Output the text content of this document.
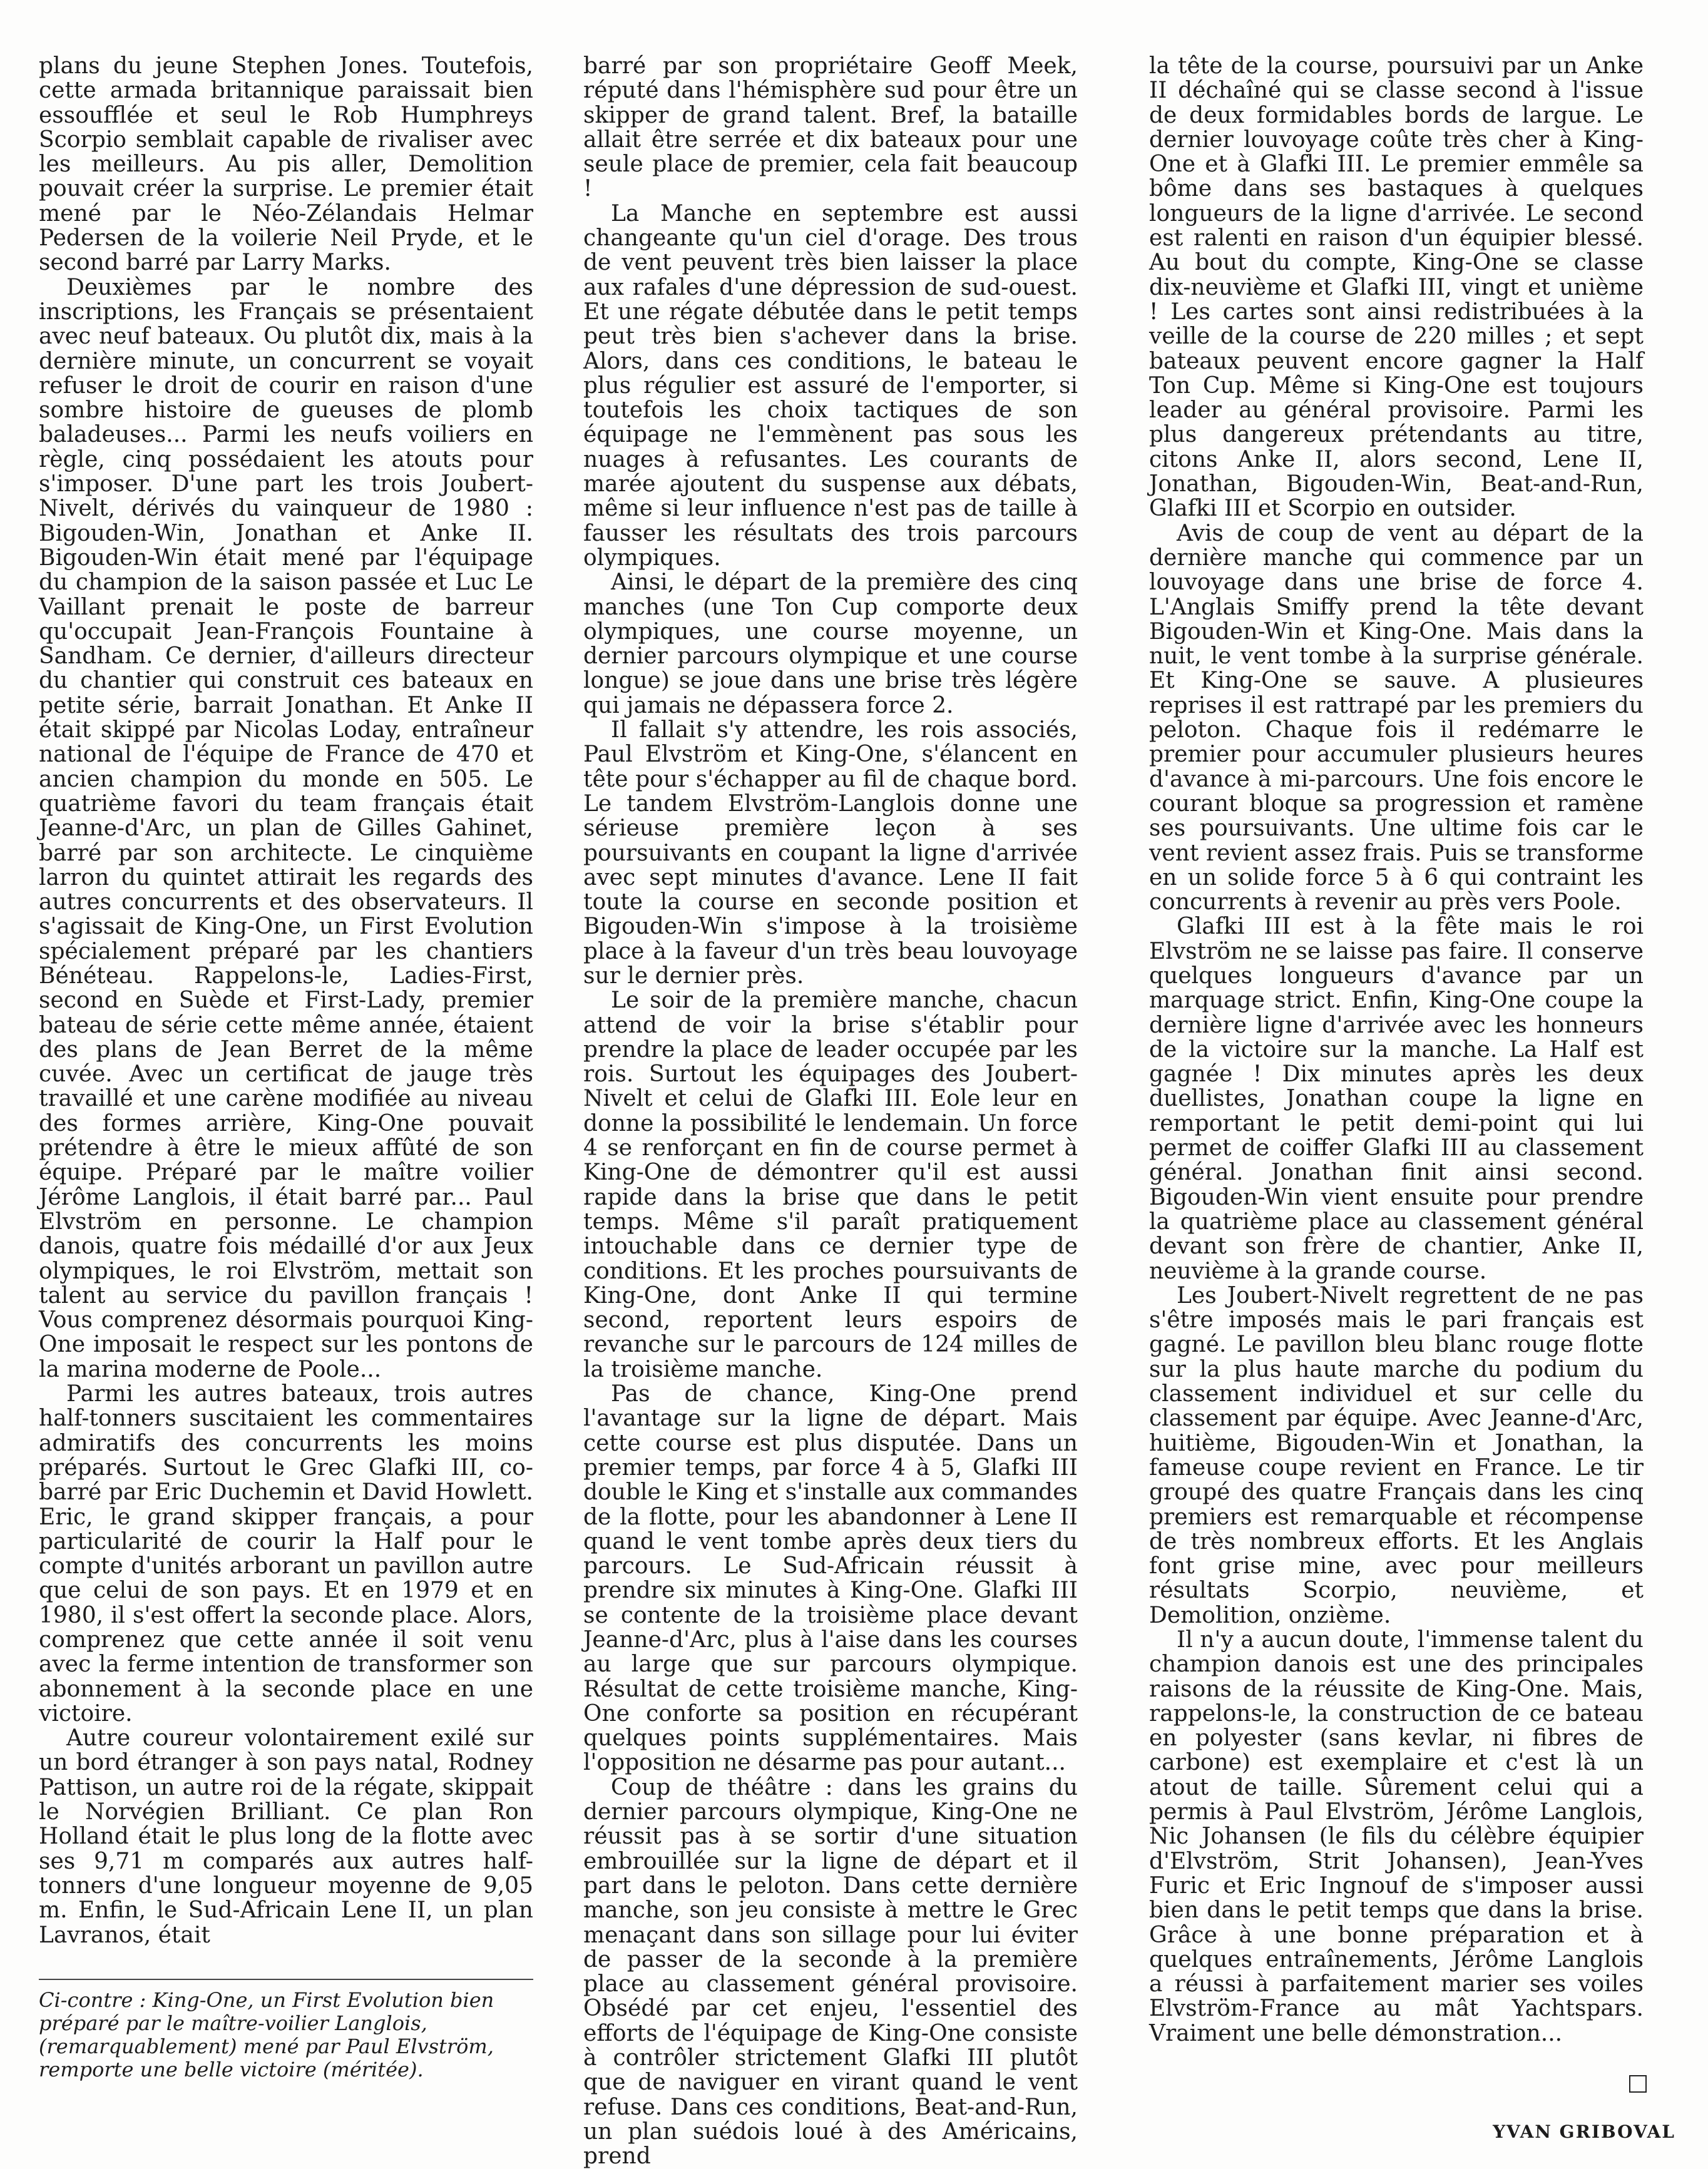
plans du jeune Stephen Jones. Toutefois, cette armada britannique paraissait bien essoufflée et seul le Rob Humphreys Scorpio semblait capable de rivaliser avec les meilleurs. Au pis aller, Demolition pouvait créer la surprise. Le premier était mené par le Néo-Zélandais Helmar Pedersen de la voilerie Neil Pryde, et le second barré par Larry Marks.

Deuxièmes par le nombre des inscriptions, les Français se présentaient avec neuf bateaux. Ou plutôt dix, mais à la dernière minute, un concurrent se voyait refuser le droit de courir en raison d'une sombre histoire de gueuses de plomb baladeuses... Parmi les neufs voiliers en règle, cinq possédaient les atouts pour s'imposer. D'une part les trois Joubert-Nivelt, dérivés du vainqueur de 1980 : Bigouden-Win, Jonathan et Anke II. Bigouden-Win était mené par l'équipage du champion de la saison passée et Luc Le Vaillant prenait le poste de barreur qu'occupait Jean-François Fountaine à Sandham. Ce dernier, d'ailleurs directeur du chantier qui construit ces bateaux en petite série, barrait Jonathan. Et Anke II était skippé par Nicolas Loday, entraîneur national de l'équipe de France de 470 et ancien champion du monde en 505. Le quatrième favori du team français était Jeanne-d'Arc, un plan de Gilles Gahinet, barré par son architecte. Le cinquième larron du quintet attirait les regards des autres concurrents et des observateurs. Il s'agissait de King-One, un First Evolution spécialement préparé par les chantiers Bénéteau. Rappelons-le, Ladies-First, second en Suède et First-Lady, premier bateau de série cette même année, étaient des plans de Jean Berret de la même cuvée. Avec un certificat de jauge très travaillé et une carène modifiée au niveau des formes arrière, King-One pouvait prétendre à être le mieux affûté de son équipe. Préparé par le maître voilier Jérôme Langlois, il était barré par... Paul Elvström en personne. Le champion danois, quatre fois médaillé d'or aux Jeux olympiques, le roi Elvström, mettait son talent au service du pavillon français ! Vous comprenez désormais pourquoi King-One imposait le respect sur les pontons de la marina moderne de Poole...

Parmi les autres bateaux, trois autres half-tonners suscitaient les commentaires admiratifs des concurrents les moins préparés. Surtout le Grec Glafki III, co-barré par Eric Duchemin et David Howlett. Eric, le grand skipper français, a pour particularité de courir la Half pour le compte d'unités arborant un pavillon autre que celui de son pays. Et en 1979 et en 1980, il s'est offert la seconde place. Alors, comprenez que cette année il soit venu avec la ferme intention de transformer son abonnement à la seconde place en une victoire.

Autre coureur volontairement exilé sur un bord étranger à son pays natal, Rodney Pattison, un autre roi de la régate, skippait le Norvégien Brilliant. Ce plan Ron Holland était le plus long de la flotte avec ses 9,71 m comparés aux autres half-tonners d'une longueur moyenne de 9,05 m. Enfin, le Sud-Africain Lene II, un plan Lavranos, était

Ci-contre : King-One, un First Evolution bien préparé par le maître-voilier Langlois, (remarquablement) mené par Paul Elvström, remporte une belle victoire (méritée).

barré par son propriétaire Geoff Meek, réputé dans l'hémisphère sud pour être un skipper de grand talent. Bref, la bataille allait être serrée et dix bateaux pour une seule place de premier, cela fait beaucoup !

La Manche en septembre est aussi changeante qu'un ciel d'orage. Des trous de vent peuvent très bien laisser la place aux rafales d'une dépression de sud-ouest. Et une régate débutée dans le petit temps peut très bien s'achever dans la brise. Alors, dans ces conditions, le bateau le plus régulier est assuré de l'emporter, si toutefois les choix tactiques de son équipage ne l'emmènent pas sous les nuages à refusantes. Les courants de marée ajoutent du suspense aux débats, même si leur influence n'est pas de taille à fausser les résultats des trois parcours olympiques.

Ainsi, le départ de la première des cinq manches (une Ton Cup comporte deux olympiques, une course moyenne, un dernier parcours olympique et une course longue) se joue dans une brise très légère qui jamais ne dépassera force 2.

Il fallait s'y attendre, les rois associés, Paul Elvström et King-One, s'élancent en tête pour s'échapper au fil de chaque bord. Le tandem Elvström-Langlois donne une sérieuse première leçon à ses poursuivants en coupant la ligne d'arrivée avec sept minutes d'avance. Lene II fait toute la course en seconde position et Bigouden-Win s'impose à la troisième place à la faveur d'un très beau louvoyage sur le dernier près.

Le soir de la première manche, chacun attend de voir la brise s'établir pour prendre la place de leader occupée par les rois. Surtout les équipages des Joubert-Nivelt et celui de Glafki III. Eole leur en donne la possibilité le lendemain. Un force 4 se renforçant en fin de course permet à King-One de démontrer qu'il est aussi rapide dans la brise que dans le petit temps. Même s'il paraît pratiquement intouchable dans ce dernier type de conditions. Et les proches poursuivants de King-One, dont Anke II qui termine second, reportent leurs espoirs de revanche sur le parcours de 124 milles de la troisième manche.

Pas de chance, King-One prend l'avantage sur la ligne de départ. Mais cette course est plus disputée. Dans un premier temps, par force 4 à 5, Glafki III double le King et s'installe aux commandes de la flotte, pour les abandonner à Lene II quand le vent tombe après deux tiers du parcours. Le Sud-Africain réussit à prendre six minutes à King-One. Glafki III se contente de la troisième place devant Jeanne-d'Arc, plus à l'aise dans les courses au large que sur parcours olympique. Résultat de cette troisième manche, King-One conforte sa position en récupérant quelques points supplémentaires. Mais l'opposition ne désarme pas pour autant...

Coup de théâtre : dans les grains du dernier parcours olympique, King-One ne réussit pas à se sortir d'une situation embrouillée sur la ligne de départ et il part dans le peloton. Dans cette dernière manche, son jeu consiste à mettre le Grec menaçant dans son sillage pour lui éviter de passer de la seconde à la première place au classement général provisoire. Obsédé par cet enjeu, l'essentiel des efforts de l'équipage de King-One consiste à contrôler strictement Glafki III plutôt que de naviguer en virant quand le vent refuse. Dans ces conditions, Beat-and-Run, un plan suédois loué à des Américains, prend

la tête de la course, poursuivi par un Anke II déchaîné qui se classe second à l'issue de deux formidables bords de largue. Le dernier louvoyage coûte très cher à King-One et à Glafki III. Le premier emmêle sa bôme dans ses bastaques à quelques longueurs de la ligne d'arrivée. Le second est ralenti en raison d'un équipier blessé. Au bout du compte, King-One se classe dix-neuvième et Glafki III, vingt et unième ! Les cartes sont ainsi redistribuées à la veille de la course de 220 milles ; et sept bateaux peuvent encore gagner la Half Ton Cup. Même si King-One est toujours leader au général provisoire. Parmi les plus dangereux prétendants au titre, citons Anke II, alors second, Lene II, Jonathan, Bigouden-Win, Beat-and-Run, Glafki III et Scorpio en outsider.

Avis de coup de vent au départ de la dernière manche qui commence par un louvoyage dans une brise de force 4. L'Anglais Smiffy prend la tête devant Bigouden-Win et King-One. Mais dans la nuit, le vent tombe à la surprise générale. Et King-One se sauve. A plusieures reprises il est rattrapé par les premiers du peloton. Chaque fois il redémarre le premier pour accumuler plusieurs heures d'avance à mi-parcours. Une fois encore le courant bloque sa progression et ramène ses poursuivants. Une ultime fois car le vent revient assez frais. Puis se transforme en un solide force 5 à 6 qui contraint les concurrents à revenir au près vers Poole.

Glafki III est à la fête mais le roi Elvström ne se laisse pas faire. Il conserve quelques longueurs d'avance par un marquage strict. Enfin, King-One coupe la dernière ligne d'arrivée avec les honneurs de la victoire sur la manche. La Half est gagnée ! Dix minutes après les deux duellistes, Jonathan coupe la ligne en remportant le petit demi-point qui lui permet de coiffer Glafki III au classement général. Jonathan finit ainsi second. Bigouden-Win vient ensuite pour prendre la quatrième place au classement général devant son frère de chantier, Anke II, neuvième à la grande course.

Les Joubert-Nivelt regrettent de ne pas s'être imposés mais le pari français est gagné. Le pavillon bleu blanc rouge flotte sur la plus haute marche du podium du classement individuel et sur celle du classement par équipe. Avec Jeanne-d'Arc, huitième, Bigouden-Win et Jonathan, la fameuse coupe revient en France. Le tir groupé des quatre Français dans les cinq premiers est remarquable et récompense de très nombreux efforts. Et les Anglais font grise mine, avec pour meilleurs résultats Scorpio, neuvième, et Demolition, onzième.

Il n'y a aucun doute, l'immense talent du champion danois est une des principales raisons de la réussite de King-One. Mais, rappelons-le, la construction de ce bateau en polyester (sans kevlar, ni fibres de carbone) est exemplaire et c'est là un atout de taille. Sûrement celui qui a permis à Paul Elvström, Jérôme Langlois, Nic Johansen (le fils du célèbre équipier d'Elvström, Strit Johansen), Jean-Yves Furic et Eric Ingnouf de s'imposer aussi bien dans le petit temps que dans la brise. Grâce à une bonne préparation et à quelques entraînements, Jérôme Langlois a réussi à parfaitement marier ses voiles Elvström-France au mât Yachtspars. Vraiment une belle démonstration...

YVAN GRIBOVAL
